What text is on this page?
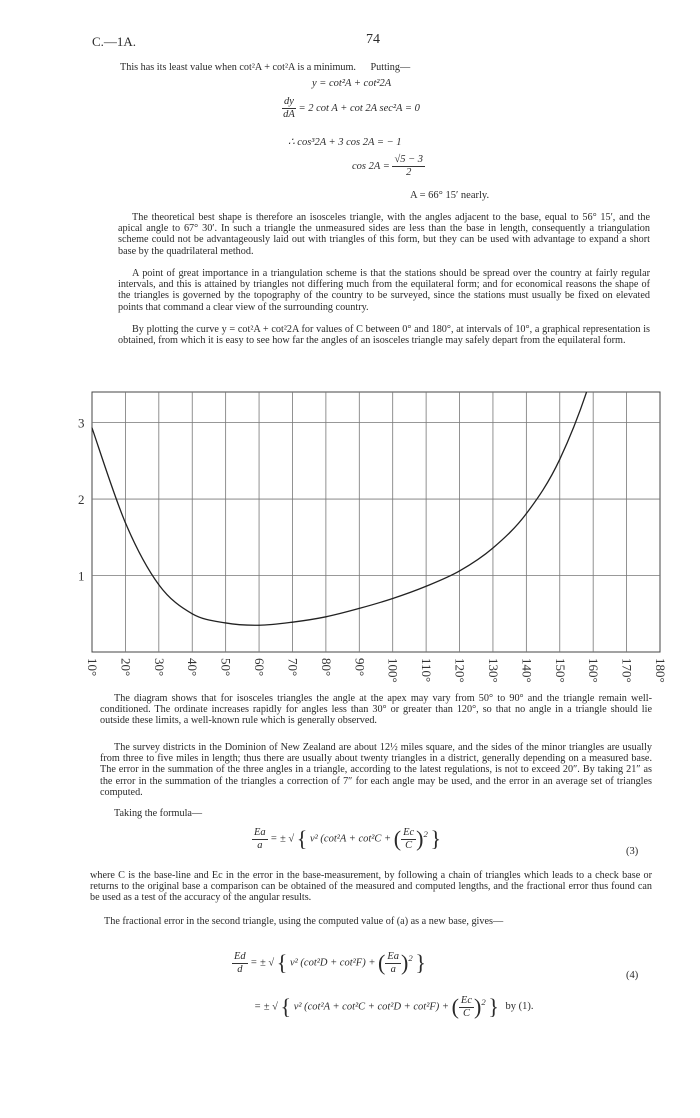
C.—1A.	74
This has its least value when cot²A + cot²A is a minimum. Putting—
y = cot²A + cot²2A
$\frac{dy}{dA} = 2$ cot A + cot 2A sec²A = 0
∴ cos³2A + 3 cos 2A = − 1
$\cos 2A = \frac{√5 - 3}{2}$
A = 66° 15′ nearly.
The theoretical best shape is therefore an isosceles triangle, with the angles adjacent to the base, equal to 56° 15′, and the apical angle to 67° 30′. In such a triangle the unmeasured sides are less than the base in length, consequently a triangulation scheme could not be advantageously laid out with triangles of this form, but they can be used with advantage to expand a short base by the quadrilateral method.
A point of great importance in a triangulation scheme is that the stations should be spread over the country at fairly regular intervals, and this is attained by triangles not differing much from the equilateral form; and for economical reasons the shape of the triangles is governed by the topography of the country to be surveyed, since the stations must usually be fixed on elevated points that command a clear view of the surrounding country.
By plotting the curve y = cot²A + cot²2A for values of C between 0° and 180°, at intervals of 10°, a graphical representation is obtained, from which it is easy to see how far the angles of an isosceles triangle may safely depart from the equilateral form.
1
2
3
10° 20° 30° 40° 50° 60° 70° 80° 90° 100° 110° 120° 130° 140° 150° 160° 170° 180°
The diagram shows that for isosceles triangles the angle at the apex may vary from 50° to 90° and the triangle remain well-conditioned. The ordinate increases rapidly for angles less than 30° or greater than 120°, so that no angle in a triangle should lie outside these limits, a well-known rule which is generally observed.
The survey districts in the Dominion of New Zealand are about 12½ miles square, and the sides of the minor triangles are usually from three to five miles in length; thus there are usually about twenty triangles in a district, generally depending on a measured base. The error in the summation of the three angles in a triangle, according to the latest regulations, is not to exceed 20″. By taking 21″ as the error in the summation of the triangles a correction of 7″ for each angle may be used, and the error in an average set of triangles computed.
Taking the formula—
$\frac{Ea}{a}$ = ± √ { v² (cot²A + cot²C + ( $\frac{Ec}{C} )^2$ }
(3)
where C is the base-line and Ec in the error in the base-measurement, by following a chain of triangles which leads to a check base or returns to the original base a comparison can be obtained of the measured and computed lengths, and the fractional error thus found can be used as a test of the accuracy of the angular results.
The fractional error in the second triangle, using the computed value of (a) as a new base, gives—
$\frac{Ed}{d}$ = ± √ { v² (cot²D + cot²F) + ( $\frac{Ea}{a} )^2$ }
(4)
= ± √ { v² (cot²A + cot²C + cot²D + cot²F) + ( $\frac{Ec}{C} )^2$ } by (1).
